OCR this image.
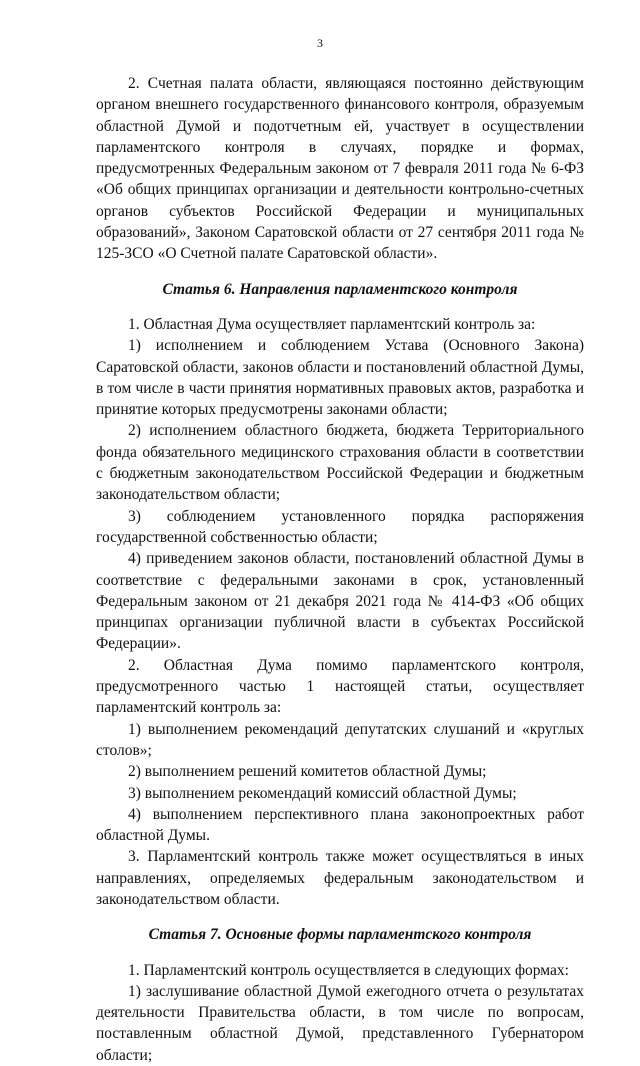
3

2. Счетная палата области, являющаяся постоянно действующим органом внешнего государственного финансового контроля, образуемым областной Думой и подотчетным ей, участвует в осуществлении парламентского контроля в случаях, порядке и формах, предусмотренных Федеральным законом от 7 февраля 2011 года № 6-ФЗ «Об общих принципах организации и деятельности контрольно-счетных органов субъектов Российской Федерации и муниципальных образований», Законом Саратовской области от 27 сентября 2011 года № 125-ЗСО «О Счетной палате Саратовской области».

Статья 6. Направления парламентского контроля

1. Областная Дума осуществляет парламентский контроль за:

1) исполнением и соблюдением Устава (Основного Закона) Саратовской области, законов области и постановлений областной Думы, в том числе в части принятия нормативных правовых актов, разработка и принятие которых предусмотрены законами области;

2) исполнением областного бюджета, бюджета Территориального фонда обязательного медицинского страхования области в соответствии с бюджетным законодательством Российской Федерации и бюджетным законодательством области;

3) соблюдением установленного порядка распоряжения государственной собственностью области;

4) приведением законов области, постановлений областной Думы в соответствие с федеральными законами в срок, установленный Федеральным законом от 21 декабря 2021 года № 414-ФЗ «Об общих принципах организации публичной власти в субъектах Российской Федерации».

2. Областная Дума помимо парламентского контроля, предусмотренного частью 1 настоящей статьи, осуществляет парламентский контроль за:

1) выполнением рекомендаций депутатских слушаний и «круглых столов»;

2) выполнением решений комитетов областной Думы;

3) выполнением рекомендаций комиссий областной Думы;

4) выполнением перспективного плана законопроектных работ областной Думы.

3. Парламентский контроль также может осуществляться в иных направлениях, определяемых федеральным законодательством и законодательством области.

Статья 7. Основные формы парламентского контроля

1. Парламентский контроль осуществляется в следующих формах:

1) заслушивание областной Думой ежегодного отчета о результатах деятельности Правительства области, в том числе по вопросам, поставленным областной Думой, представленного Губернатором области;
